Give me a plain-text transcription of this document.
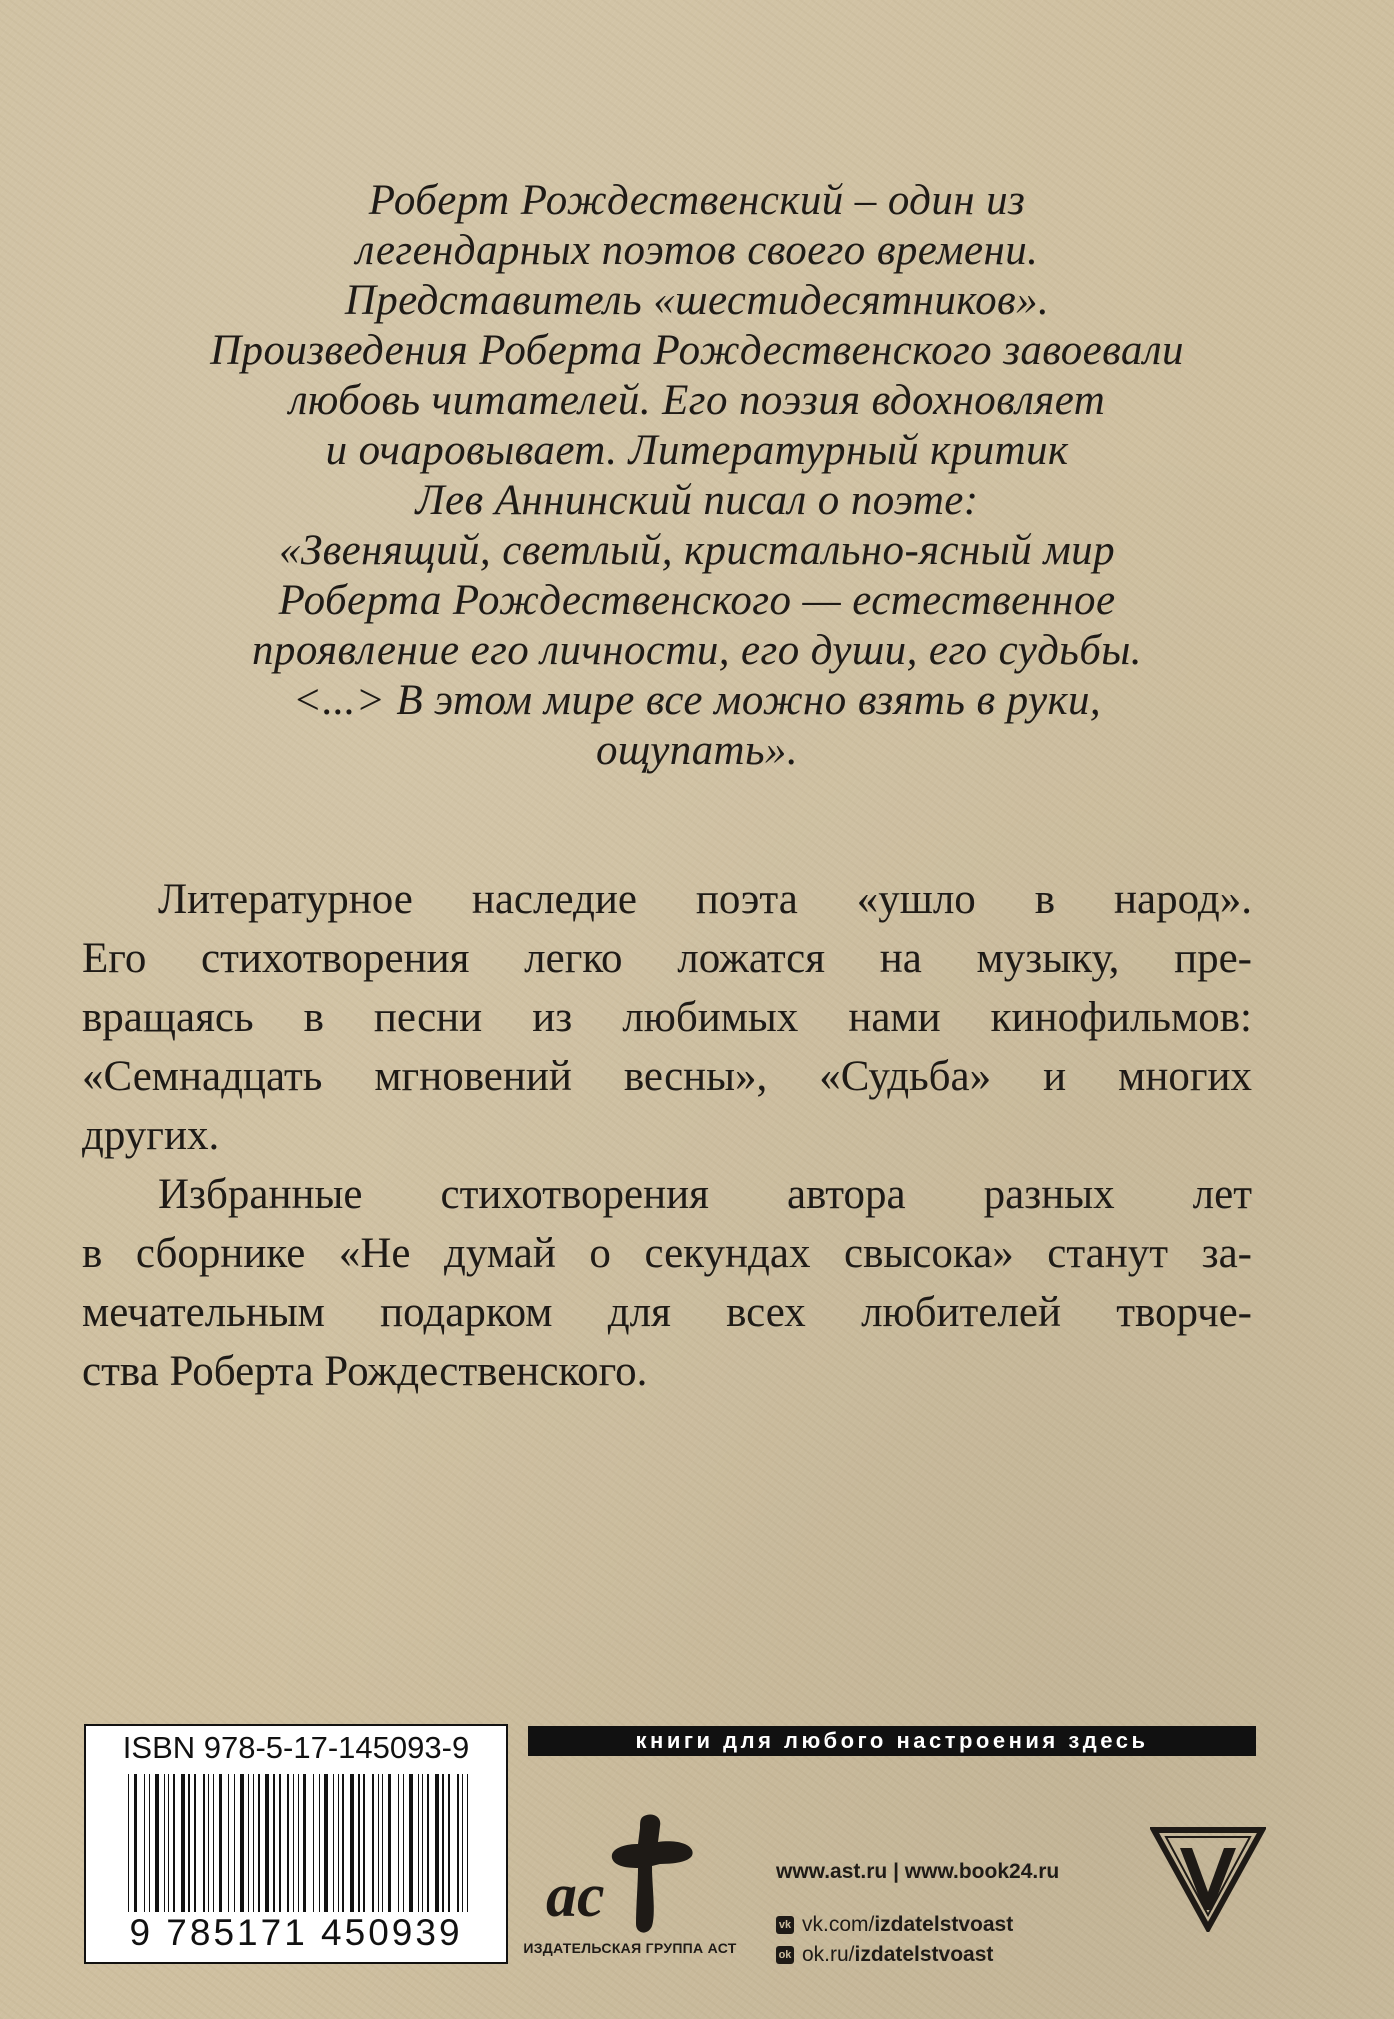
Роберт Рождественский – один из
легендарных поэтов своего времени.
Представитель «шестидесятников».
Произведения Роберта Рождественского завоевали
любовь читателей. Его поэзия вдохновляет
и очаровывает. Литературный критик
Лев Аннинский писал о поэте:
«Звенящий, светлый, кристально-ясный мир
Роберта Рождественского — естественное
проявление его личности, его души, его судьбы.
<...> В этом мире все можно взять в руки,
ощупать».
Литературное наследие поэта «ушло в народ».
Его стихотворения легко ложатся на музыку, пре-
вращаясь в песни из любимых нами кинофильмов:
«Семнадцать мгновений весны», «Судьба» и многих
других.
Избранные стихотворения автора разных лет
в сборнике «Не думай о секундах свысока» станут за-
мечательным подарком для всех любителей творче-
ства Роберта Рождественского.
ISBN 978-5-17-145093-9
9 785171 450939
книги для любого настроения здесь
ас
ИЗДАТЕЛЬСКАЯ ГРУППА АСТ
www.ast.ru | www.book24.ru
vk
vk.com/ izdatelstvoast
ok
ok.ru/ izdatelstvoast
